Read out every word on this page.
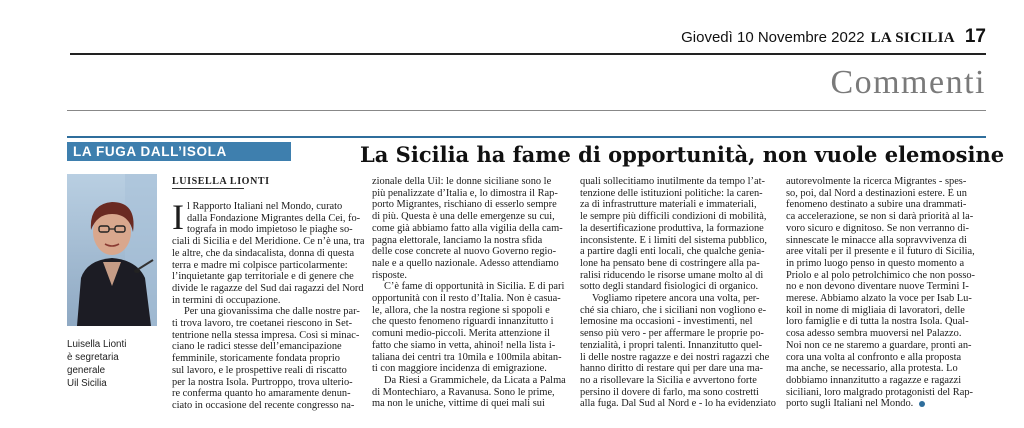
Giovedì 10 Novembre 2022 LA SICILIA 17
Commenti
LA FUGA DALL’ISOLA	La Sicilia ha fame di opportunità, non vuole elemosine
Luisella Lionti
è segretaria
generale
Uil Sicilia
LUISELLA LIONTI
I l Rapporto Italiani nel Mondo, curato
dalla Fondazione Migrantes della Cei, fo-
tografa in modo impietoso le piaghe so-
ciali di Sicilia e del Meridione. Ce n’è una, tra
le altre, che da sindacalista, donna di questa
terra e madre mi colpisce particolarmente:
l’inquietante gap territoriale e di genere che
divide le ragazze del Sud dai ragazzi del Nord
in termini di occupazione.
Per una giovanissima che dalle nostre par-
ti trova lavoro, tre coetanei riescono in Set-
tentrione nella stessa impresa. Così si minac-
ciano le radici stesse dell’emancipazione
femminile, storicamente fondata proprio
sul lavoro, e le prospettive reali di riscatto
per la nostra Isola. Purtroppo, trova ulterio-
re conferma quanto ho amaramente denun-
ciato in occasione del recente congresso na-
zionale della Uil: le donne siciliane sono le
più penalizzate d’Italia e, lo dimostra il Rap-
porto Migrantes, rischiano di esserlo sempre
di più. Questa è una delle emergenze su cui,
come già abbiamo fatto alla vigilia della cam-
pagna elettorale, lanciamo la nostra sfida
delle cose concrete al nuovo Governo regio-
nale e a quello nazionale. Adesso attendiamo
risposte.
C’è fame di opportunità in Sicilia. E di pari
opportunità con il resto d’Italia. Non è casua-
le, allora, che la nostra regione si spopoli e
che questo fenomeno riguardi innanzitutto i
comuni medio-piccoli. Merita attenzione il
fatto che siamo in vetta, ahinoi! nella lista i-
taliana dei centri tra 10mila e 100mila abitan-
ti con maggiore incidenza di emigrazione.
Da Riesi a Grammichele, da Licata a Palma
di Montechiaro, a Ravanusa. Sono le prime,
ma non le uniche, vittime di quei mali sui
quali sollecitiamo inutilmente da tempo l’at-
tenzione delle istituzioni politiche: la caren-
za di infrastrutture materiali e immateriali,
le sempre più difficili condizioni di mobilità,
la desertificazione produttiva, la formazione
inconsistente. E i limiti del sistema pubblico,
a partire dagli enti locali, che qualche genia-
lone ha pensato bene di costringere alla pa-
ralisi riducendo le risorse umane molto al di
sotto degli standard fisiologici di organico.
Vogliamo ripetere ancora una volta, per-
ché sia chiaro, che i siciliani non vogliono e-
lemosine ma occasioni - investimenti, nel
senso più vero - per affermare le proprie po-
tenzialità, i propri talenti. Innanzitutto quel-
li delle nostre ragazze e dei nostri ragazzi che
hanno diritto di restare qui per dare una ma-
no a risollevare la Sicilia e avvertono forte
persino il dovere di farlo, ma sono costretti
alla fuga. Dal Sud al Nord e - lo ha evidenziato
autorevolmente la ricerca Migrantes - spes-
so, poi, dal Nord a destinazioni estere. È un
fenomeno destinato a subire una drammati-
ca accelerazione, se non si darà priorità al la-
voro sicuro e dignitoso. Se non verranno di-
sinnescate le minacce alla sopravvivenza di
aree vitali per il presente e il futuro di Sicilia,
in primo luogo penso in questo momento a
Priolo e al polo petrolchimico che non posso-
no e non devono diventare nuove Termini I-
merese. Abbiamo alzato la voce per Isab Lu-
koil in nome di migliaia di lavoratori, delle
loro famiglie e di tutta la nostra Isola. Qual-
cosa adesso sembra muoversi nel Palazzo.
Noi non ce ne staremo a guardare, pronti an-
cora una volta al confronto e alla proposta
ma anche, se necessario, alla protesta. Lo
dobbiamo innanzitutto a ragazze e ragazzi
siciliani, loro malgrado protagonisti del Rap-
porto sugli Italiani nel Mondo.
